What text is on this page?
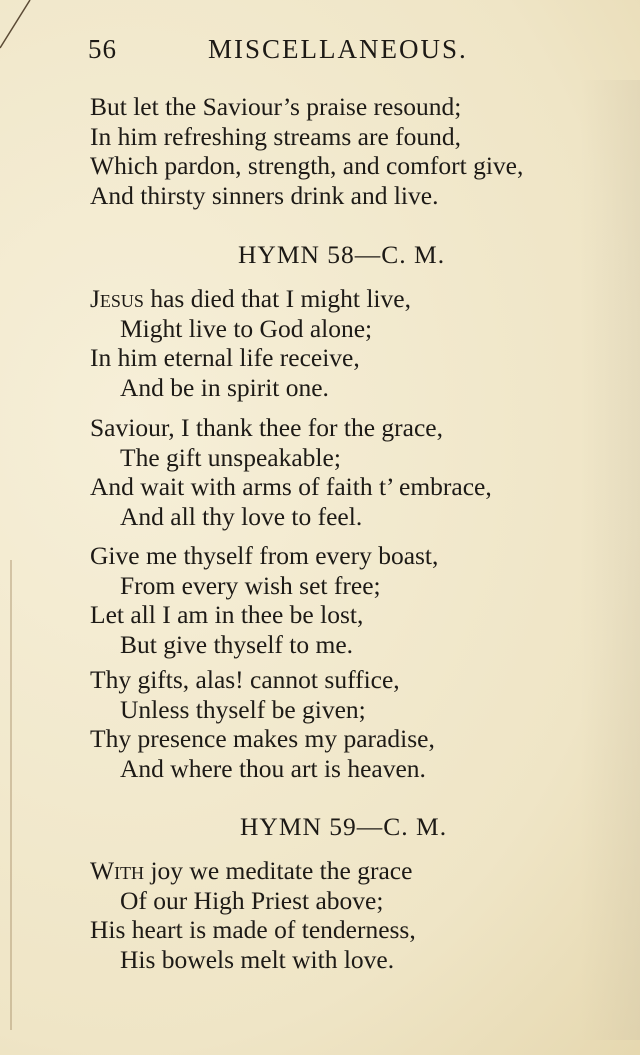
56	MISCELLANEOUS.
But let the Saviour’s praise resound;
In him refreshing streams are found,
Which pardon, strength, and comfort give,
And thirsty sinners drink and live.
HYMN 58—C. M.
Jesus has died that I might live,
Might live to God alone;
In him eternal life receive,
And be in spirit one.
Saviour, I thank thee for the grace,
The gift unspeakable;
And wait with arms of faith t’ embrace,
And all thy love to feel.
Give me thyself from every boast,
From every wish set free;
Let all I am in thee be lost,
But give thyself to me.
Thy gifts, alas! cannot suffice,
Unless thyself be given;
Thy presence makes my paradise,
And where thou art is heaven.
HYMN 59—C. M.
With joy we meditate the grace
Of our High Priest above;
His heart is made of tenderness,
His bowels melt with love.
